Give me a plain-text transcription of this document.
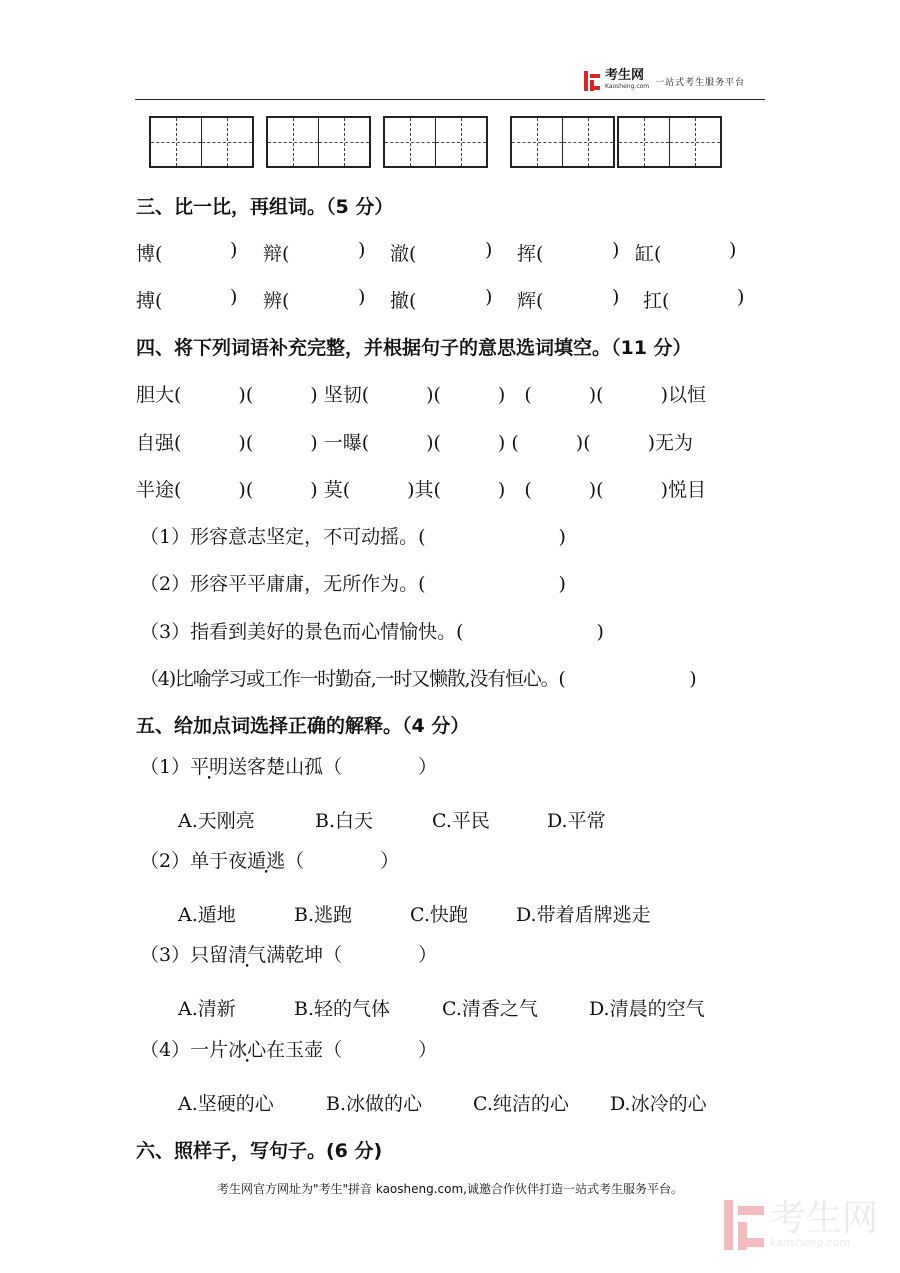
考生网
Kaosheng.com 一站式考生服务平台
三、比一比，再组词。（5 分）
博(	) 辩(	) 澈(	) 挥(	) 缸(	)
搏(	) 辨(	) 撤(	) 辉(	) 扛(	)
四、将下列词语补充完整，并根据句子的意思选词填空。（11 分）
胆大(　　　)(　　　) 坚韧(　　　)(　　　)　(　　　)(　　　)以恒
自强(　　　)(　　　) 一曝(　　　)(　　　) (　　　)(　　　)无为
半途(　　　)(　　　) 莫(　　　)其(　　　)　(　　　)(　　　)悦目
（1）形容意志坚定，不可动摇。(　　　　　　　)
（2）形容平平庸庸，无所作为。(　　　　　　　)
（3）指看到美好的景色而心情愉快。(　　　　　　　)
（4)比喻学习或工作一时勤奋,一时又懒散,没有恒心。(　　　　　　　)
五、给加点词选择正确的解释。（4 分）
（1）平明送客楚山孤（　　　　）
A.天刚亮	B.白天	C.平民	D.平常
（2）单于夜遁逃（　　　　）
A.遁地	B.逃跑	C.快跑	D.带着盾牌逃走
（3）只留清气满乾坤（　　　　）
A.清新	B.轻的气体	C.清香之气	D.清晨的空气
（4）一片冰心在玉壶（　　　　）
A.坚硬的心	B.冰做的心	C.纯洁的心 D.冰冷的心
六、照样子，写句子。(6 分)
考生网官方网址为"考生"拼音 kaosheng.com,诚邀合作伙伴打造一站式考生服务平台。
考生网
kaosheng.com
